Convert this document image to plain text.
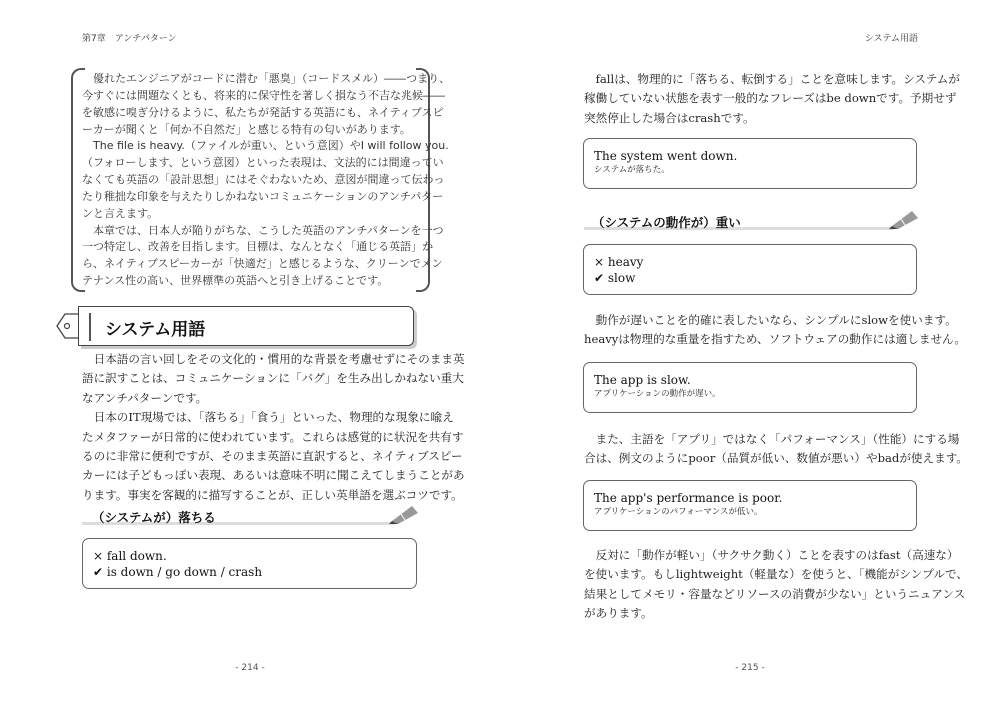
第7章　アンチパターン	システム用語
優れたエンジニアがコードに潜む「悪臭」（コードスメル）――つまり、
今すぐには問題なくとも、将来的に保守性を著しく損なう不吉な兆候――
を敏感に嗅ぎ分けるように、私たちが発話する英語にも、ネイティブスピ
ーカーが聞くと「何か不自然だ」と感じる特有の匂いがあります。
The file is heavy.（ファイルが重い、という意図）やI will follow you.
（フォローします、という意図）といった表現は、文法的には間違ってい
なくても英語の「設計思想」にはそぐわないため、意図が間違って伝わっ
たり稚拙な印象を与えたりしかねないコミュニケーションのアンチパター
ンと言えます。
本章では、日本人が陥りがちな、こうした英語のアンチパターンを一つ
一つ特定し、改善を目指します。目標は、なんとなく「通じる英語」か
ら、ネイティブスピーカーが「快適だ」と感じるような、クリーンでメン
テナンス性の高い、世界標準の英語へと引き上げることです。
システム用語
日本語の言い回しをその文化的・慣用的な背景を考慮せずにそのまま英
語に訳すことは、コミュニケーションに「バグ」を生み出しかねない重大
なアンチパターンです。
日本のIT現場では、「落ちる」「食う」といった、物理的な現象に喩え
たメタファーが日常的に使われています。これらは感覚的に状況を共有す
るのに非常に便利ですが、そのまま英語に直訳すると、ネイティブスピー
カーには子どもっぽい表現、あるいは意味不明に聞こえてしまうことがあ
ります。事実を客観的に描写することが、正しい英単語を選ぶコツです。
（システムが）落ちる
× fall down.
✔ is down / go down / crash
- 214 -
fallは、物理的に「落ちる、転倒する」ことを意味します。システムが
稼働していない状態を表す一般的なフレーズはbe downです。予期せず
突然停止した場合はcrashです。
The system went down.
システムが落ちた。
（システムの動作が）重い
× heavy
✔ slow
動作が遅いことを的確に表したいなら、シンプルにslowを使います。
heavyは物理的な重量を指すため、ソフトウェアの動作には適しません。
The app is slow.
アプリケーションの動作が遅い。
また、主語を「アプリ」ではなく「パフォーマンス」（性能）にする場
合は、例文のようにpoor（品質が低い、数値が悪い）やbadが使えます。
The app's performance is poor.
アプリケーションのパフォーマンスが低い。
反対に「動作が軽い」（サクサク動く）ことを表すのはfast（高速な）
を使います。もしlightweight（軽量な）を使うと、「機能がシンプルで、
結果としてメモリ・容量などリソースの消費が少ない」というニュアンス
があります。
- 215 -
